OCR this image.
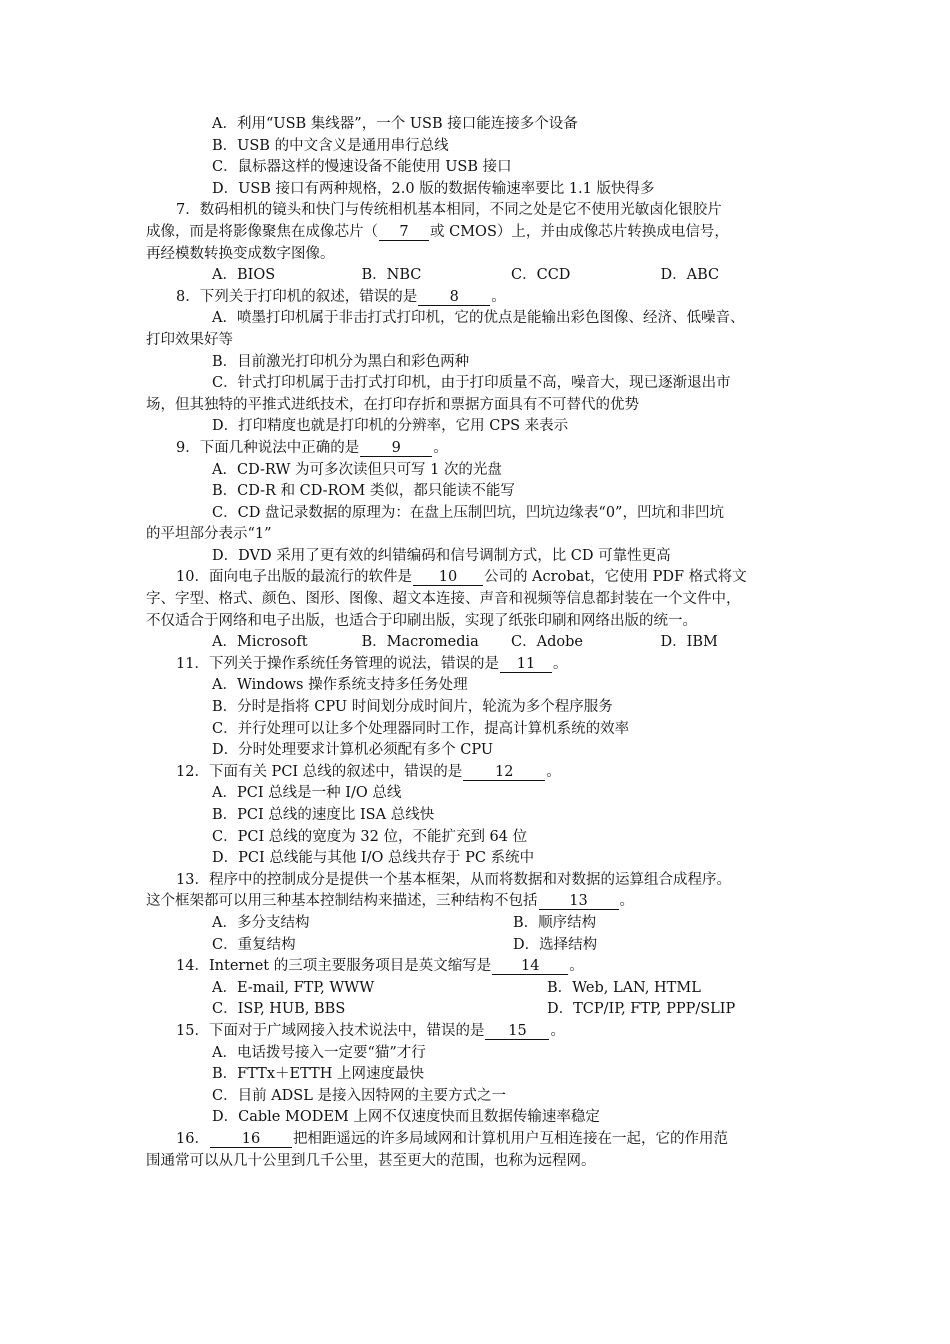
A．利用“USB 集线器”，一个 USB 接口能连接多个设备
B．USB 的中文含义是通用串行总线
C．鼠标器这样的慢速设备不能使用 USB 接口
D．USB 接口有两种规格，2.0 版的数据传输速率要比 1.1 版快得多
7．数码相机的镜头和快门与传统相机基本相同，不同之处是它不使用光敏卤化银胶片
成像，而是将影像聚焦在成像芯片（ 7 或 CMOS）上，并由成像芯片转换成电信号，
再经模数转换变成数字图像。
A．BIOS	B．NBC	C．CCD	D．ABC
8．下列关于打印机的叙述，错误的是 8 。
A．喷墨打印机属于非击打式打印机，它的优点是能输出彩色图像、经济、低噪音、
打印效果好等
B．目前激光打印机分为黑白和彩色两种
C．针式打印机属于击打式打印机，由于打印质量不高，噪音大，现已逐渐退出市
场，但其独特的平推式进纸技术，在打印存折和票据方面具有不可替代的优势
D．打印精度也就是打印机的分辨率，它用 CPS 来表示
9．下面几种说法中正确的是 9 。
A．CD-RW 为可多次读但只可写 1 次的光盘
B．CD-R 和 CD-ROM 类似，都只能读不能写
C．CD 盘记录数据的原理为：在盘上压制凹坑，凹坑边缘表“0”，凹坑和非凹坑
的平坦部分表示“1”
D．DVD 采用了更有效的纠错编码和信号调制方式，比 CD 可靠性更高
10．面向电子出版的最流行的软件是 10 公司的 Acrobat，它使用 PDF 格式将文
字、字型、格式、颜色、图形、图像、超文本连接、声音和视频等信息都封装在一个文件中，
不仅适合于网络和电子出版，也适合于印刷出版，实现了纸张印刷和网络出版的统一。
A．Microsoft	B．Macromedia	C．Adobe	D．IBM
11．下列关于操作系统任务管理的说法，错误的是 11 。
A．Windows 操作系统支持多任务处理
B．分时是指将 CPU 时间划分成时间片，轮流为多个程序服务
C．并行处理可以让多个处理器同时工作，提高计算机系统的效率
D．分时处理要求计算机必须配有多个 CPU
12．下面有关 PCI 总线的叙述中，错误的是 12 。
A．PCI 总线是一种 I/O 总线
B．PCI 总线的速度比 ISA 总线快
C．PCI 总线的宽度为 32 位，不能扩充到 64 位
D．PCI 总线能与其他 I/O 总线共存于 PC 系统中
13．程序中的控制成分是提供一个基本框架，从而将数据和对数据的运算组合成程序。
这个框架都可以用三种基本控制结构来描述，三种结构不包括 13 。
A．多分支结构	B．顺序结构
C．重复结构	D．选择结构
14．Internet 的三项主要服务项目是英文缩写是 14 。
A．E-mail, FTP, WWW	B．Web, LAN, HTML
C．ISP, HUB, BBS	D．TCP/IP, FTP, PPP/SLIP
15．下面对于广域网接入技术说法中，错误的是 15 。
A．电话拨号接入一定要“猫”才行
B．FTTx＋ETTH 上网速度最快
C．目前 ADSL 是接入因特网的主要方式之一
D．Cable MODEM 上网不仅速度快而且数据传输速率稳定
16． 16 把相距遥远的许多局域网和计算机用户互相连接在一起，它的作用范
围通常可以从几十公里到几千公里，甚至更大的范围，也称为远程网。
